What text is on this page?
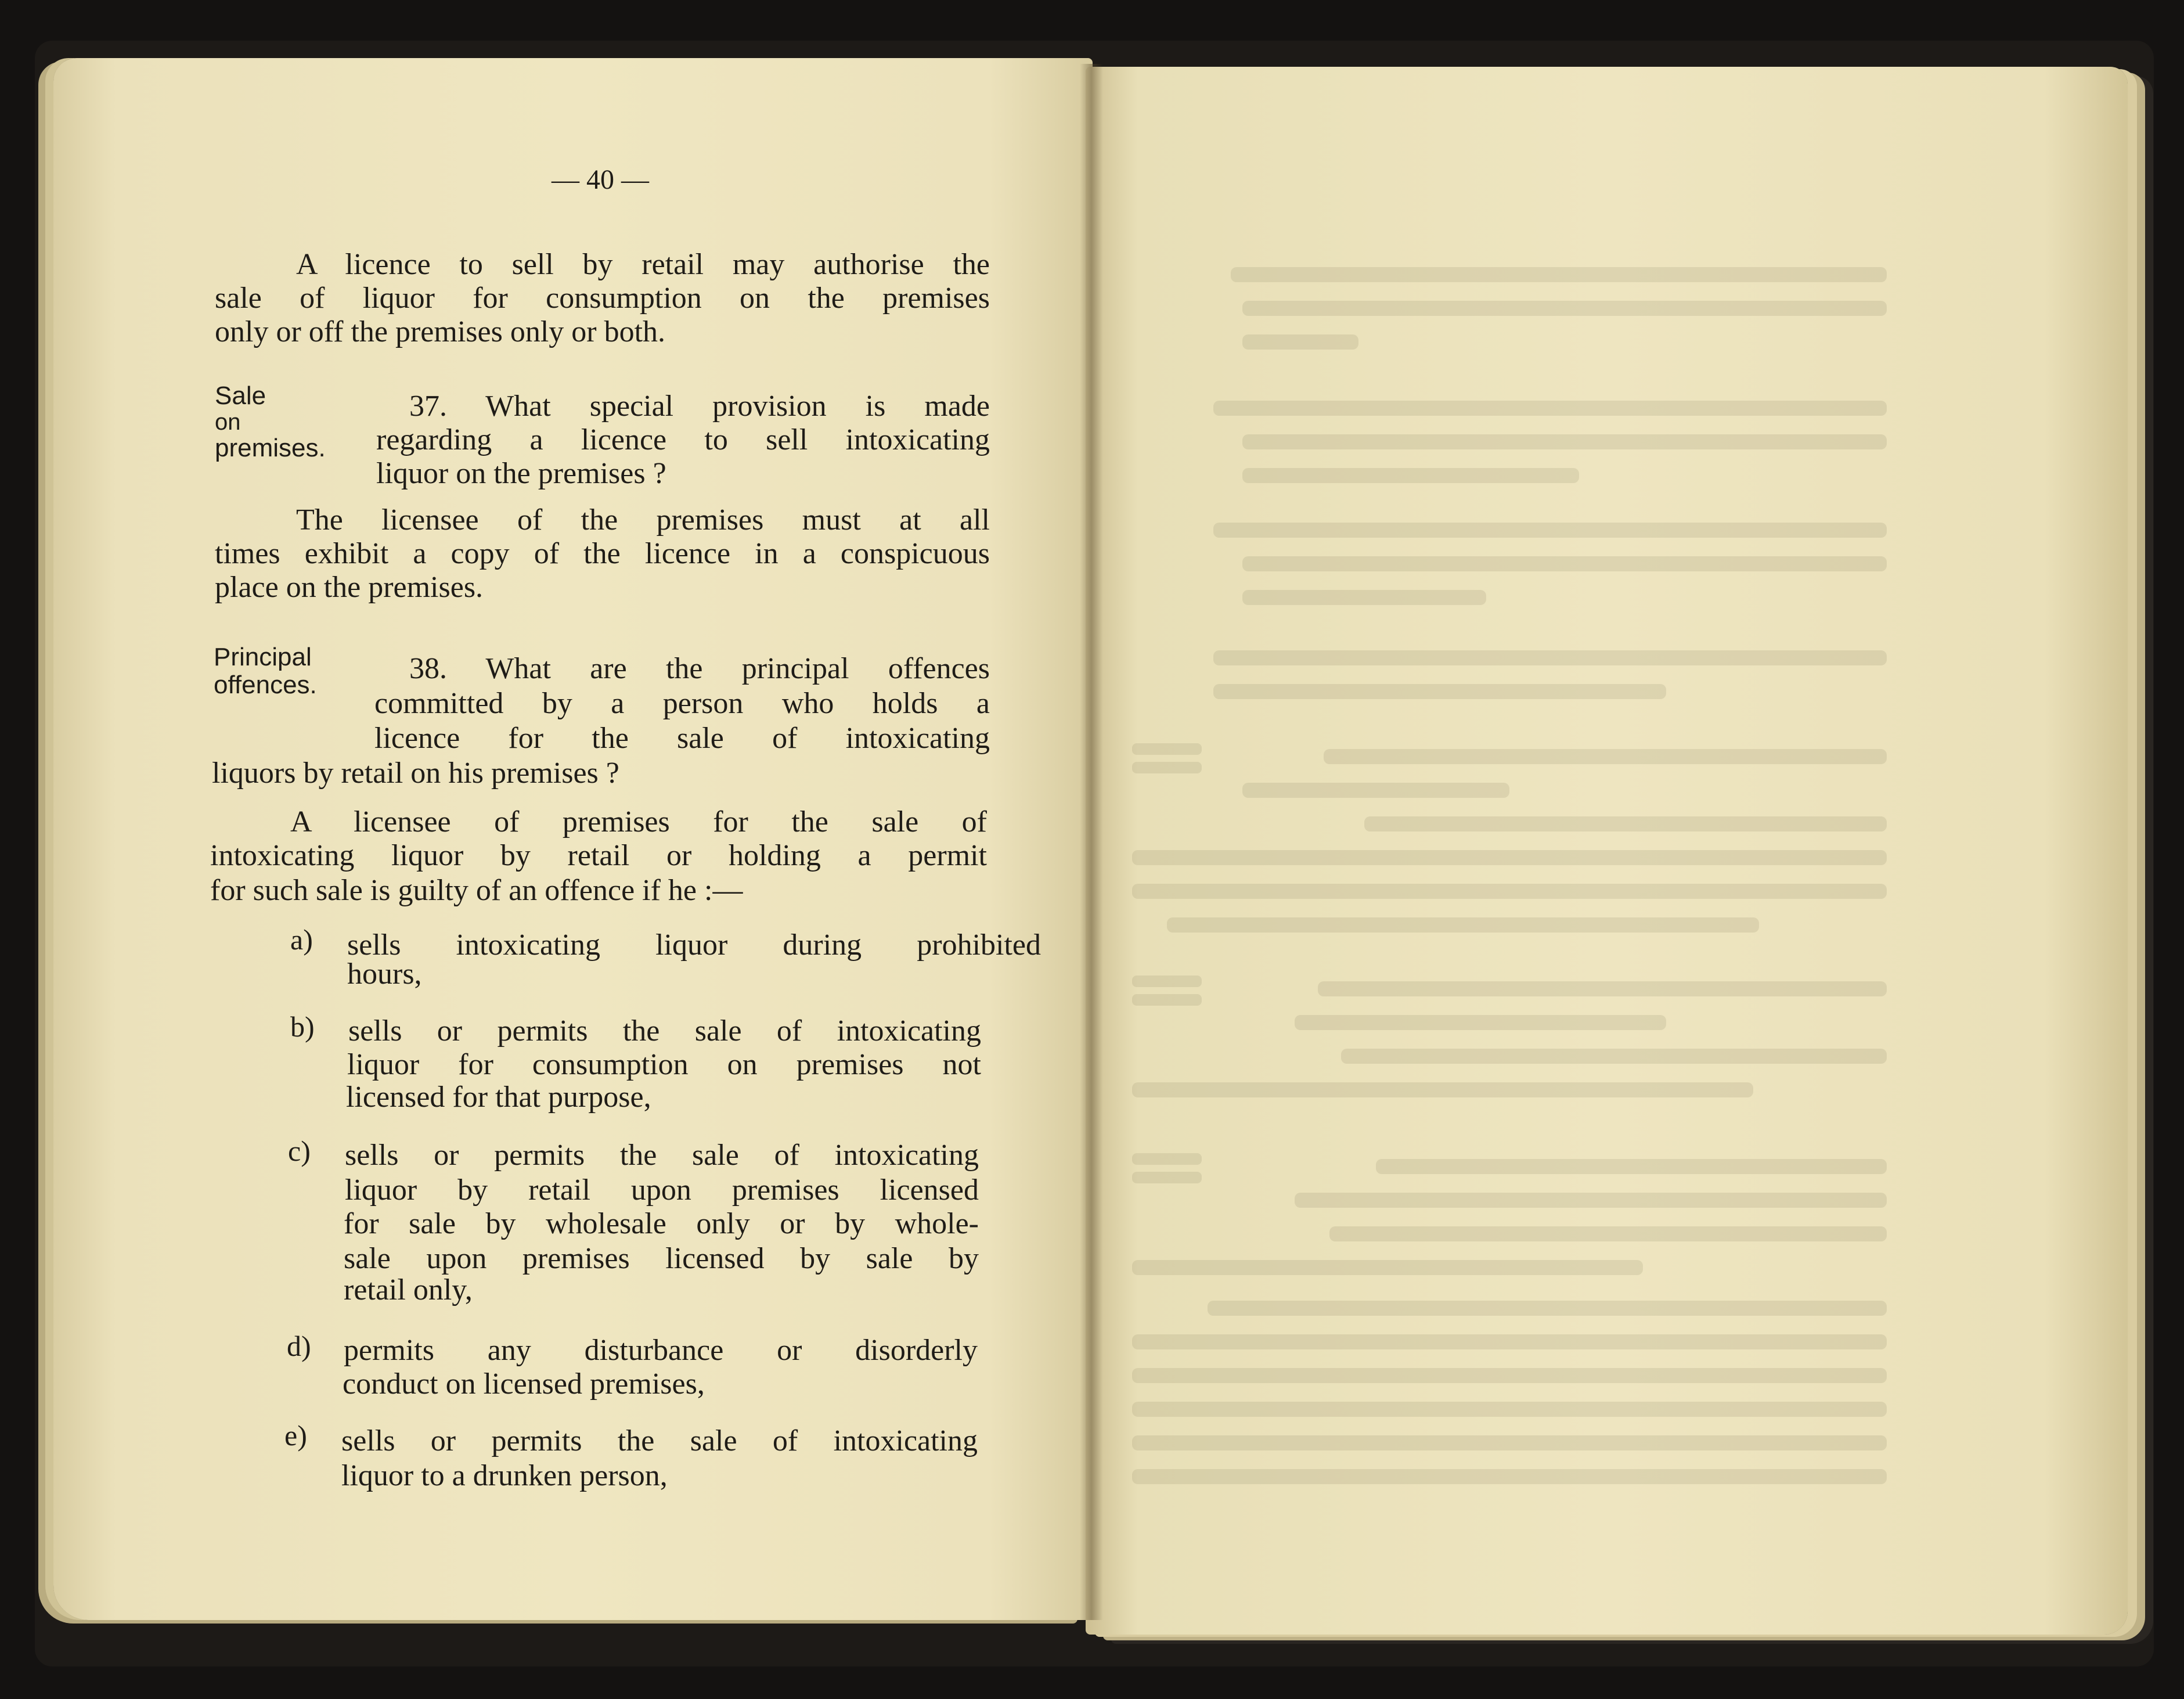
— 40 —
A licence to sell by retail may authorise the
sale of liquor for consumption on the premises
only or off the premises only or both.
Sale
on
premises.
37. What special provision is made
regarding a licence to sell intoxicating
liquor on the premises ?
The licensee of the premises must at all
times exhibit a copy of the licence in a conspicuous
place on the premises.
Principal
offences.	38. What are the principal offences
committed by a person who holds a
licence for the sale of intoxicating
liquors by retail on his premises ?
A licensee of premises for the sale of
intoxicating liquor by retail or holding a permit
for such sale is guilty of an offence if he :—
a) sells intoxicating liquor during prohibited
hours,
b) sells or permits the sale of intoxicating
liquor for consumption on premises not
licensed for that purpose,
c) sells or permits the sale of intoxicating
liquor by retail upon premises licensed
for sale by wholesale only or by whole-
sale upon premises licensed by sale by
retail only,
d) permits any disturbance or disorderly
conduct on licensed premises,
e) sells or permits the sale of intoxicating
liquor to a drunken person,
